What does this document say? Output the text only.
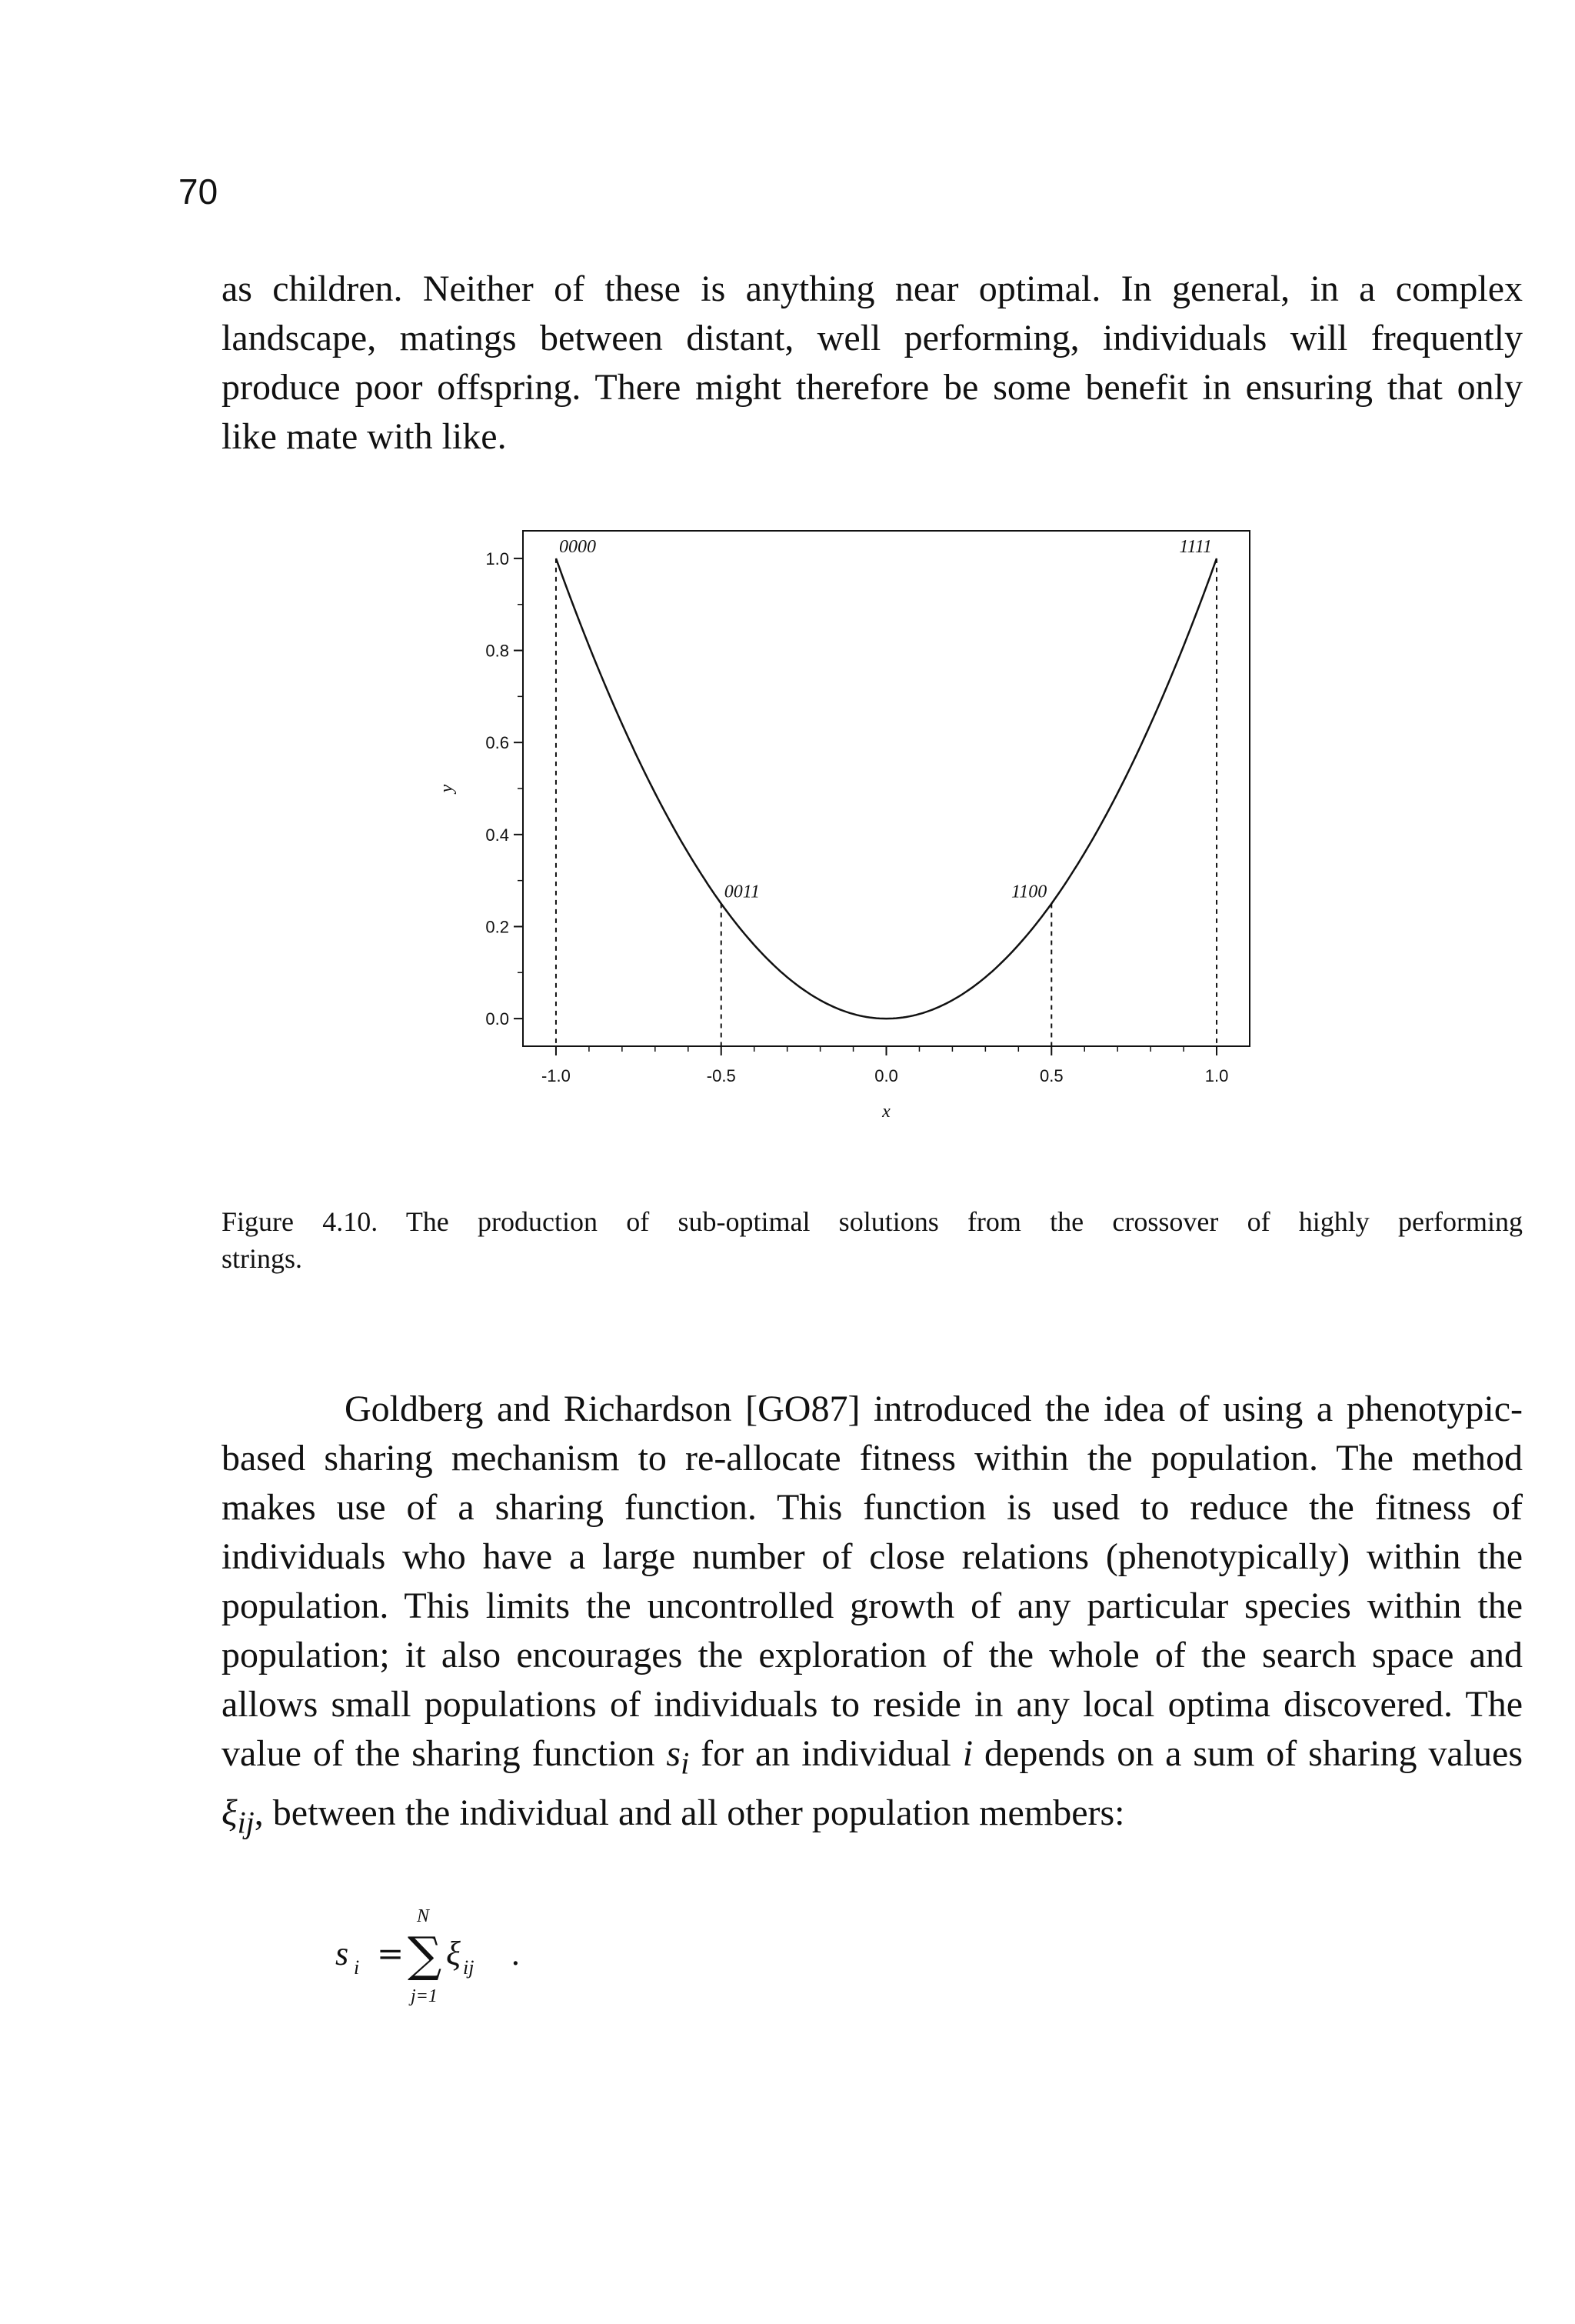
70

as children. Neither of these is anything near optimal. In general, in a complex landscape, matings between distant, well performing, individuals will frequently produce poor offspring. There might therefore be some benefit in ensuring that only like mate with like.

0.0
0.2
0.4
0.6
0.8
1.0
-1.0	-0.5	0.0	0.5	1.0
0000
0011	1100
1111
x
y
Figure 4.10. The production of sub-optimal solutions from the crossover of highly performing
strings.

Goldberg and Richardson [GO87] introduced the idea of using a phenotypic-based sharing mechanism to re-allocate fitness within the population. The method makes use of a sharing function. This function is used to reduce the fitness of individuals who have a large number of close relations (phenotypically) within the population. This limits the uncontrolled growth of any particular species within the population; it also encourages the exploration of the whole of the search space and allows small populations of individuals to reside in any local optima discovered. The value of the sharing function $s_i$ for an individual i depends on a sum of sharing values $\xi_{ij}$, between the individual and all other population members:

s i =
N
∑
j=1
ξ ij .
